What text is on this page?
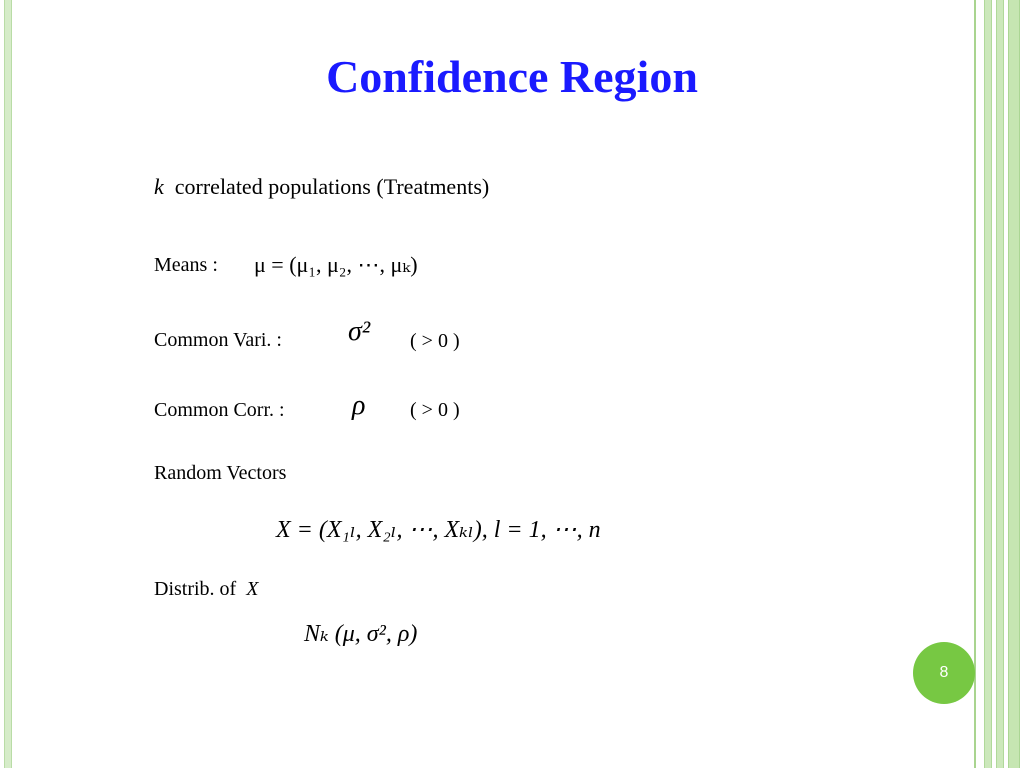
Confidence Region
k correlated populations (Treatments)
Means : μ = (μ₁, μ₂, ⋯, μₖ)
Common Vari. : σ² ( > 0 )
Common Corr. : ρ ( > 0 )
Random Vectors
X = (X₁ₗ, X₂ₗ, ⋯, Xₖₗ), l = 1, ⋯, n
Distrib. of X
Nₖ (μ, σ², ρ)
8
